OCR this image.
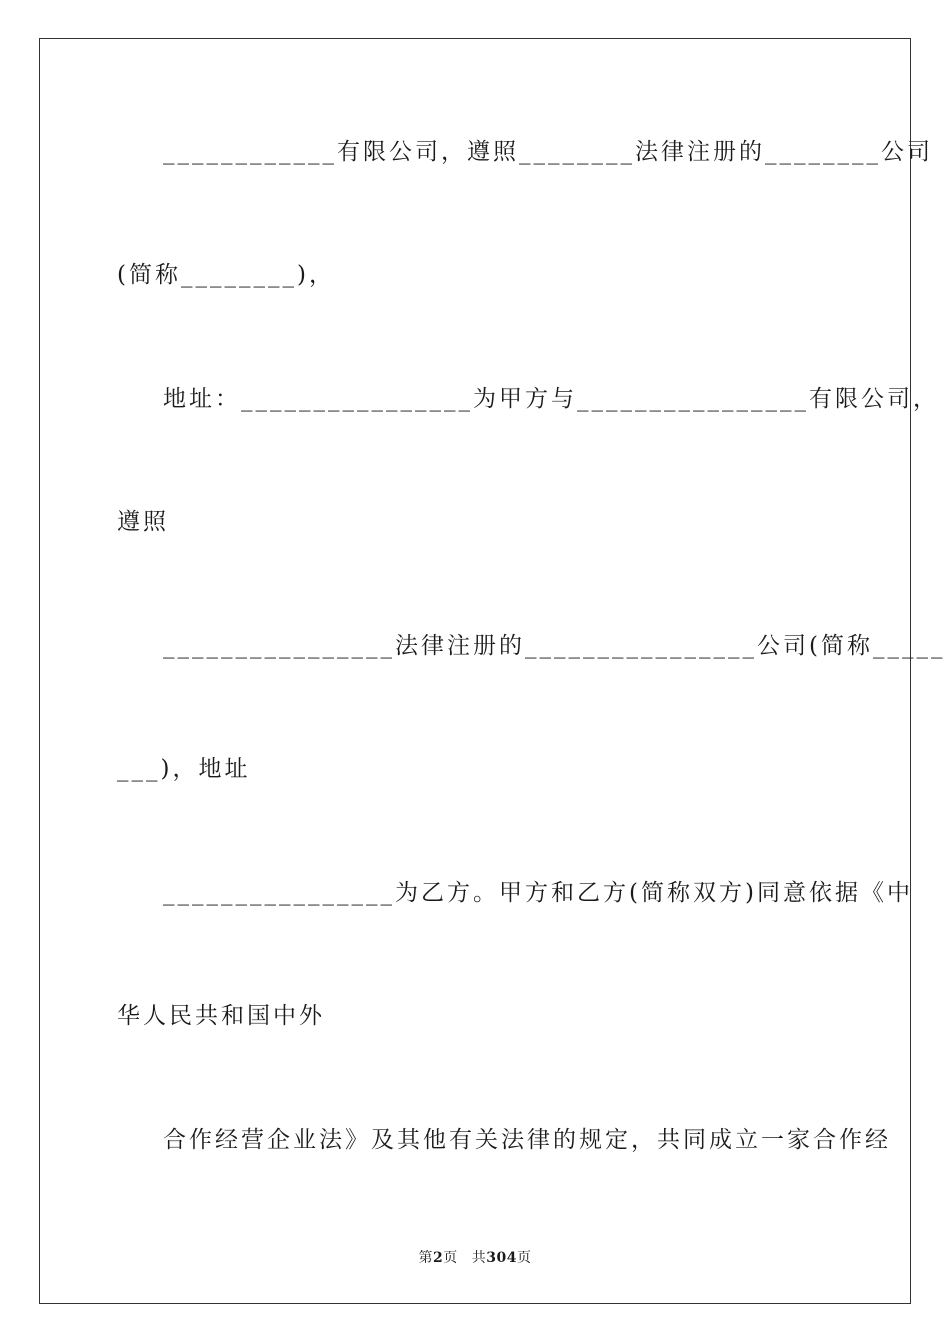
____________有限公司，遵照________法律注册的________公司
(简称________)，
地址：________________为甲方与________________有限公司，
遵照
________________法律注册的________________公司(简称_____
___)，地址
________________为乙方。甲方和乙方(简称双方)同意依据《中
华人民共和国中外
合作经营企业法》及其他有关法律的规定，共同成立一家合作经
第2页 共304页
